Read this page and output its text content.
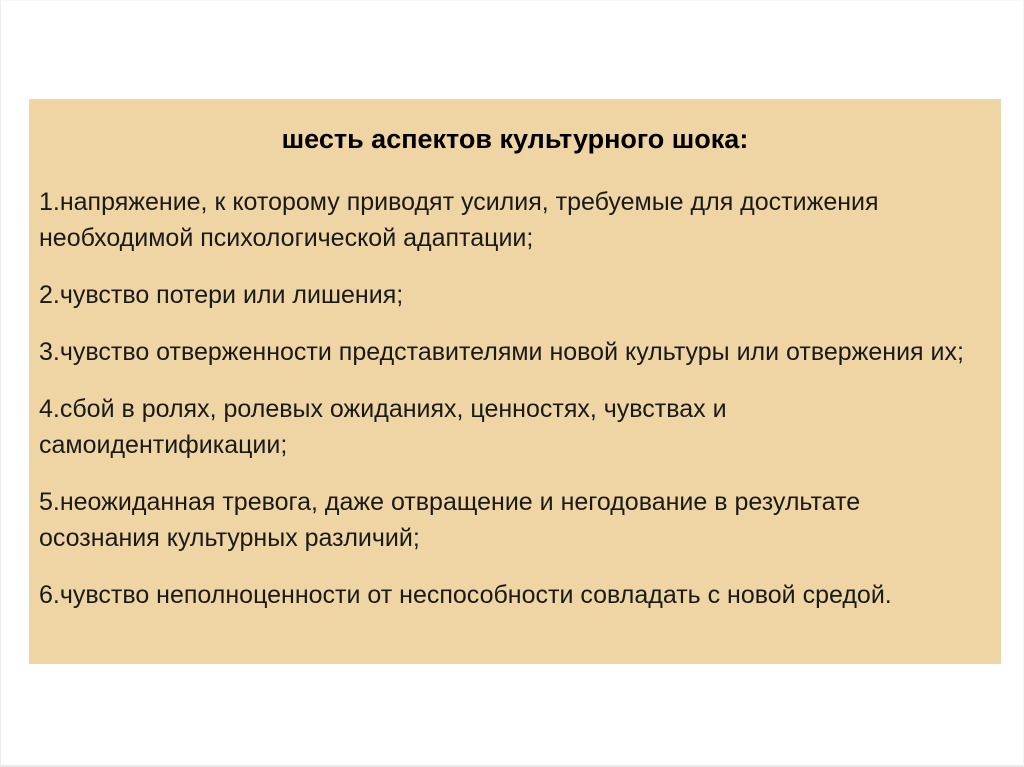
шесть аспектов культурного шока:
1.напряжение, к которому приводят усилия, требуемые для достижения
необходимой психологической адаптации;
2.чувство потери или лишения;
3.чувство отверженности представителями новой культуры или отвержения их;
4.сбой в ролях, ролевых ожиданиях, ценностях, чувствах и
самоидентификации;
5.неожиданная тревога, даже отвращение и негодование в результате
осознания культурных различий;
6.чувство неполноценности от неспособности совладать с новой средой.
